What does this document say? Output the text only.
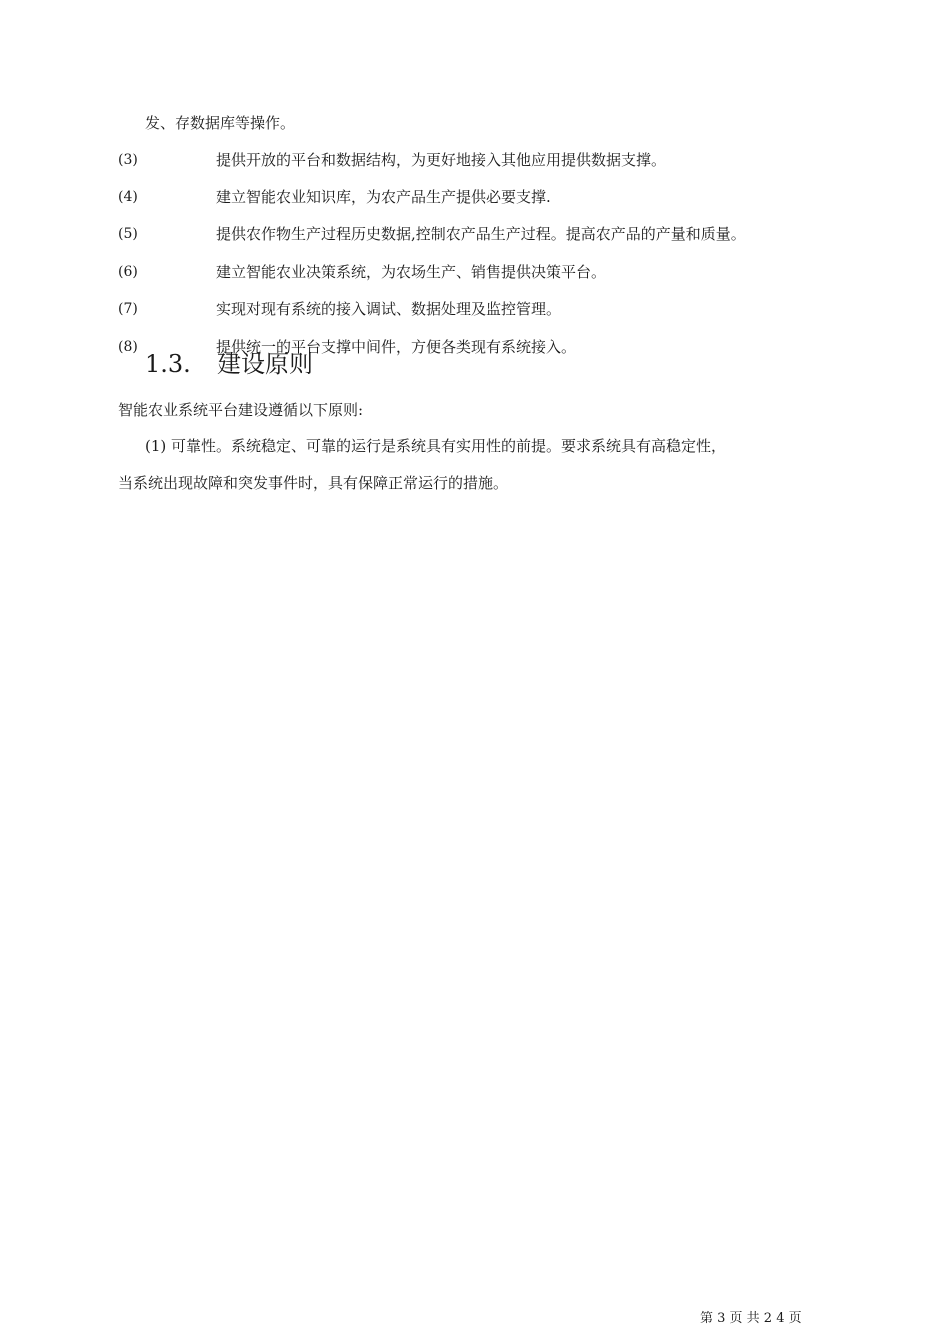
发、存数据库等操作。
(3)	提供开放的平台和数据结构，为更好地接入其他应用提供数据支撑。
(4)	建立智能农业知识库，为农产品生产提供必要支撑.
(5)	提供农作物生产过程历史数据,控制农产品生产过程。提高农产品的产量和质量。
(6)	建立智能农业决策系统，为农场生产、销售提供决策平台。
(7)	实现对现有系统的接入调试、数据处理及监控管理。
(8)	提供统一的平台支撑中间件，方便各类现有系统接入。
1.3. 建设原则
智能农业系统平台建设遵循以下原则:
(1) 可靠性。系统稳定、可靠的运行是系统具有实用性的前提。要求系统具有高稳定性，
当系统出现故障和突发事件时，具有保障正常运行的措施。
第 3 页 共 2 4 页
